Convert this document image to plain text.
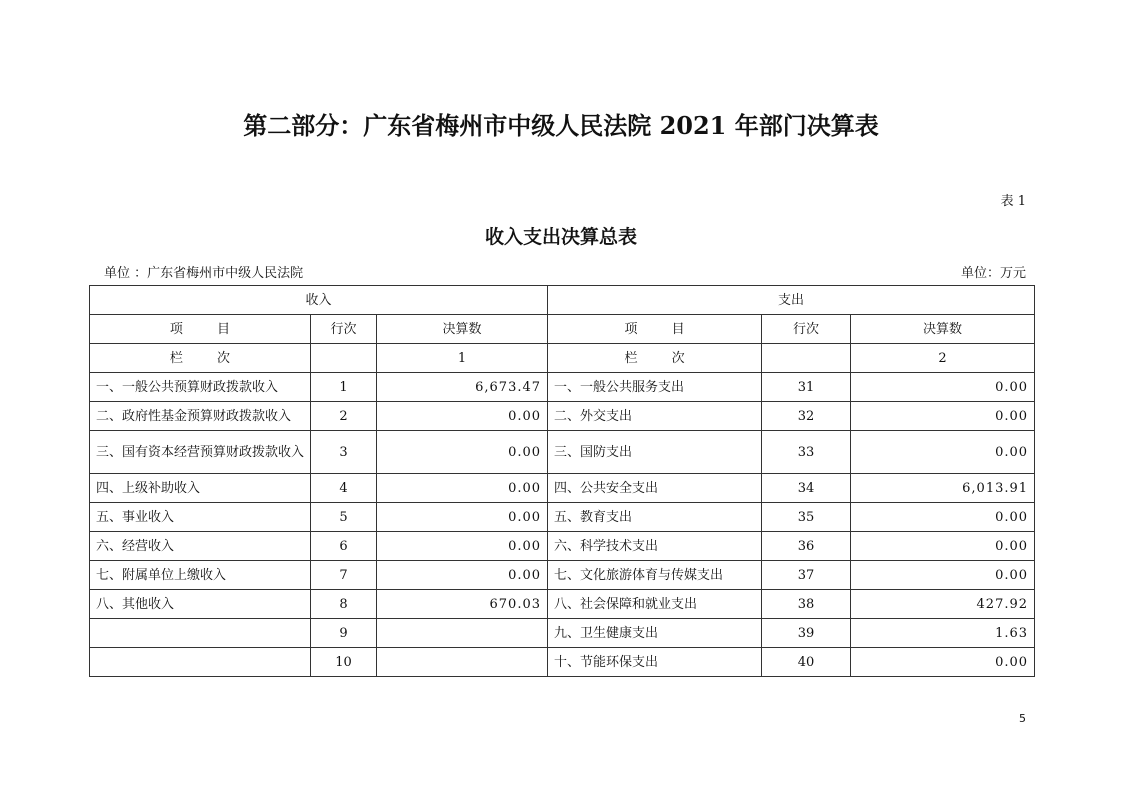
第二部分：广东省梅州市中级人民法院 2021 年部门决算表
表 1
收入支出决算总表
单位 ：广东省梅州市中级人民法院	单位：万元
收入			支出		
项 目	行次	决算数	项 目	行次	决算数
栏 次		1	栏 次		2
一、一般公共预算财政拨款收入	1	6,673.47	一、一般公共服务支出	31	0.00
二、政府性基金预算财政拨款收入	2	0.00	二、外交支出	32	0.00
三、国有资本经营预算财政拨款收入	3	0.00	三、国防支出	33	0.00
四、上级补助收入	4	0.00	四、公共安全支出	34	6,013.91
五、事业收入	5	0.00	五、教育支出	35	0.00
六、经营收入	6	0.00	六、科学技术支出	36	0.00
七、附属单位上缴收入	7	0.00	七、文化旅游体育与传媒支出	37	0.00
八、其他收入	8	670.03	八、社会保障和就业支出	38	427.92
	9		九、卫生健康支出	39	1.63
	10		十、节能环保支出	40	0.00
5
